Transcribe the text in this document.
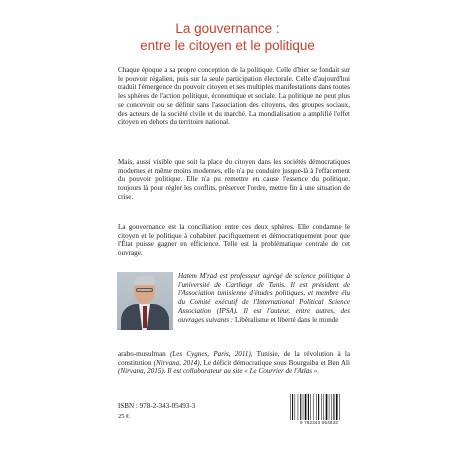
La gouvernance :
entre le citoyen et le politique

Chaque époque a sa propre conception de la politique. Celle d'hier se fondait sur le pouvoir régalien, puis sur la seule participation électorale. Celle d'aujourd'hui traduit l'émergence du pouvoir citoyen et ses multiples manifestations dans toutes les sphères de l'action politique, économique et sociale. La politique ne peut plus se concevoir ou se définir sans l'association des citoyens, des groupes sociaux, des acteurs de la société civile et du marché. La mondialisation a amplifié l'effet citoyen en dehors du territoire national.

Mais, aussi visible que soit la place du citoyen dans les sociétés démocratiques modernes et même moins modernes, elle n'a pu conduire jusque-là à l'effacement du pouvoir politique. Elle n'a pu remettre en cause l'essence du politique, toujours là pour régler les conflits, préserver l'ordre, mettre fin à une situation de crise.

La gouvernance est la conciliation entre ces deux sphères. Elle condamne le citoyen et le politique à cohabiter pacifiquement et démocratiquement pour que l'État puisse gagner en efficience. Telle est la problématique centrale de cet ouvrage.

Hatem M'rad est professeur agrégé de science politique à l'université de Carthage de Tunis. Il est président de l'Association tunisienne d'études politiques, et membre élu du Comité exécutif de l'International Political Science Association (IPSA). Il est l'auteur, entre autres, des ouvrages suivants : Libéralisme et liberté dans le monde

arabo-musulman (Les Cygnes, Paris, 2011), Tunisie, de la révolution à la constitution (Nirvana, 2014), Le déficit démocratique sous Bourguiba et Ben Ali (Nirvana, 2015). Il est collaborateur au site « Le Courrier de l'Atlas ».

ISBN : 978-2-343-05493-3
25 €
9 782343 054933
